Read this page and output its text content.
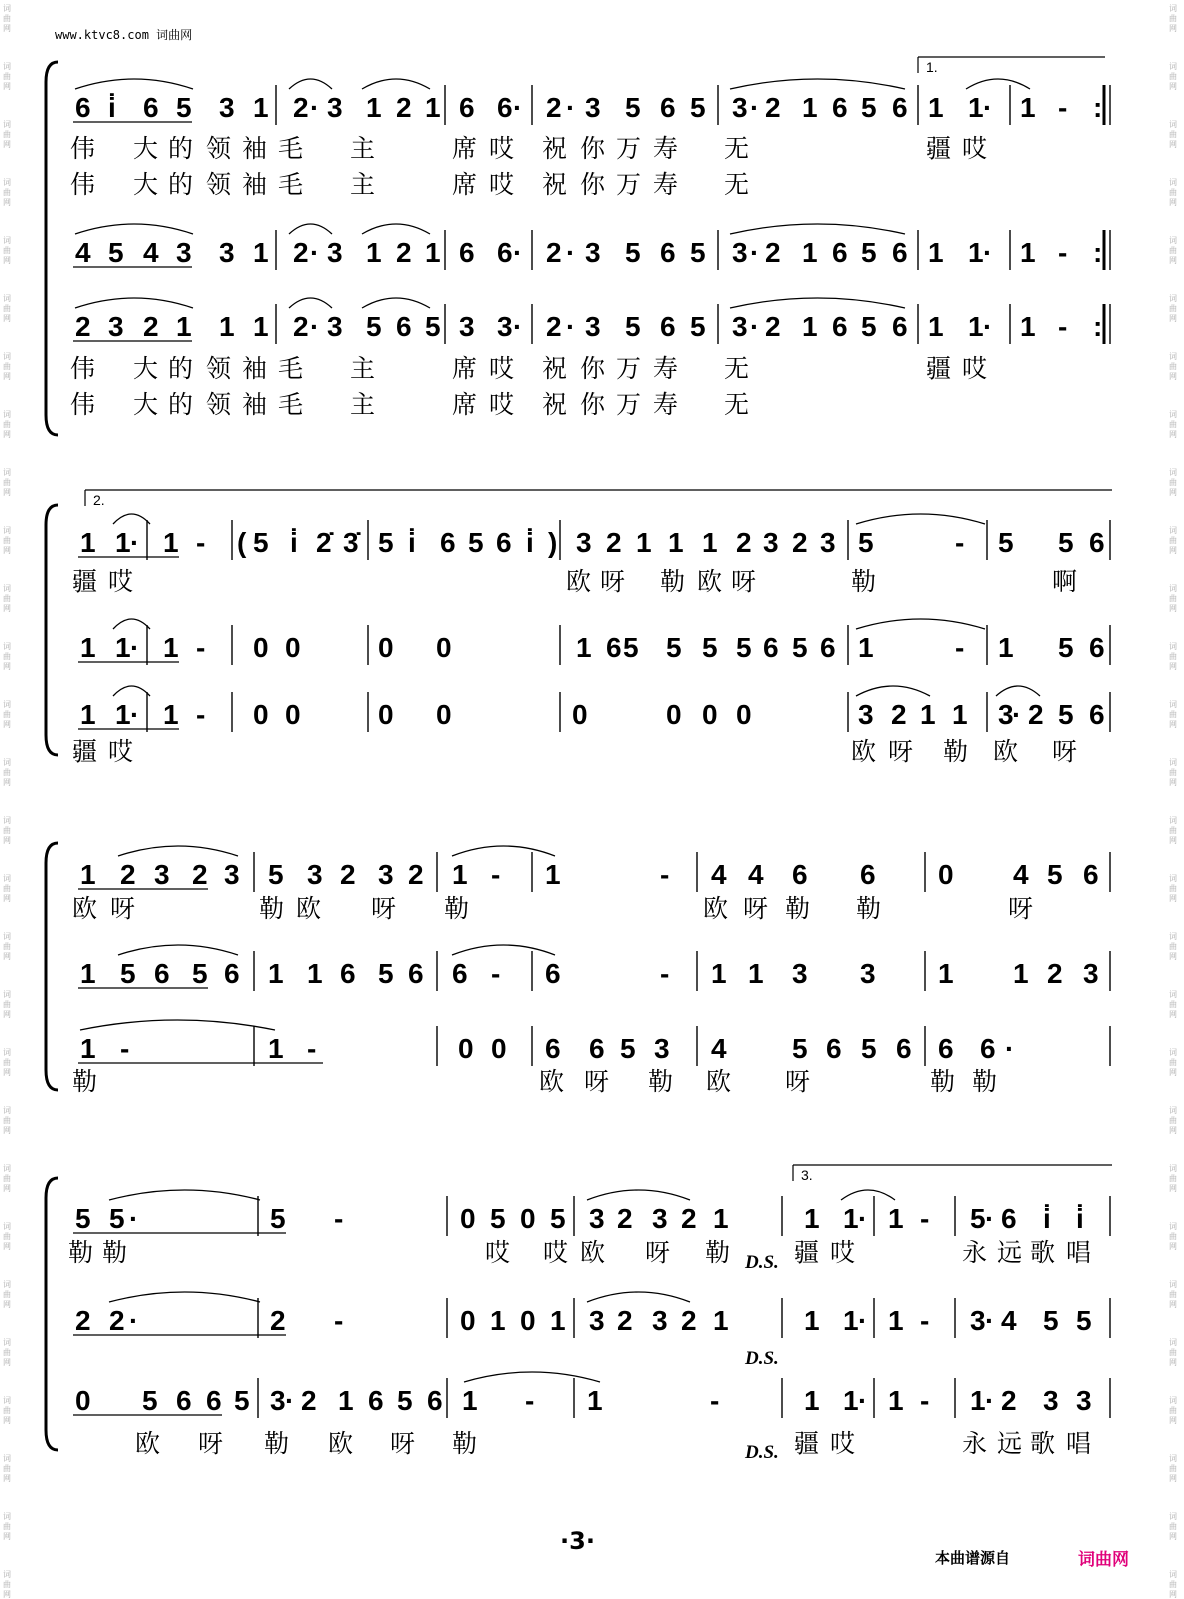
词
曲
网
词
曲
网
词
曲
网
词
曲
网
词
曲
网
词
曲
网
词
曲
网
词
曲
网
词
曲
网
词
曲
网
词
曲
网
词
曲
网
词
曲
网
词
曲
网
词
曲
网
词
曲
网
词
曲
网
词
曲
网
词
曲
网
词
曲
网
词
曲
网
词
曲
网
词
曲
网
词
曲
网
词
曲
网
词
曲
网
词
曲
网
词
曲
网
词
曲
网
词
曲
网
词
曲
网
词
曲
网
词
曲
网
词
曲
网
词
曲
网
词
曲
网
词
曲
网
词
曲
网
词
曲
网
词
曲
网
词
曲
网
词
曲
网
词
曲
网
词
曲
网
词
曲
网
词
曲
网
词
曲
网
词
曲
网
词
曲
网
词
曲
网
词
曲
网
词
曲
网
词
曲
网
词
曲
网
词
曲
网
词
曲
网
www.ktvc8.com 词曲网
1.
6 i̇ 6 5 3 1 2 · 3 1 2 1 6 6 · 2 · 3 5 6 5 3 · 2 1 6 5 6 1 1 · 1 - :
伟 大 的 领 袖 毛 主	席 哎 祝 你 万 寿 无	疆 哎
伟 大 的 领 袖 毛 主	席 哎 祝 你 万 寿 无
4 5 4 3 3 1 2 · 3 1 2 1 6 6 · 2 · 3 5 6 5 3 · 2 1 6 5 6 1 1 · 1 - :
2 3 2 1 1 1 2 · 3 5 6 5 3 3 · 2 · 3 5 6 5 3 · 2 1 6 5 6 1 1 · 1 - :
伟 大 的 领 袖 毛 主	席 哎 祝 你 万 寿 无	疆 哎
伟 大 的 领 袖 毛 主	席 哎 祝 你 万 寿 无
2.
1 1 · 1 - ( 5 i̇ 2̇ 3̇ 5 i̇ 6 5 6 i̇ ) 3 2 1 1 1 2 3 2 3 5	- 5 5 6
疆 哎	欧 呀 勒 欧 呀	勒	啊
1 1 · 1 - 0 0	0 0	1 6 5 5 5 5 6 5 6 1	- 1 5 6
1 1 · 1 - 0 0	0 0	0	0 0 0	3 2 1 1 3
· 2 5 6
疆 哎	欧 呀 勒 欧 呀
1 2 3 2 3 5 3 2 3 2 1 - 1	- 4 4 6 6 0 4 5 6
欧 呀	勒 欧 呀 勒	欧 呀 勒 勒	呀
1 5 6 5 6 1 1 6 5 6 6 - 6	- 1 1 3 3 1 1 2 3
1 -	1 -	0 0 6 6 5 3 4 5 6 5 6 6 6 ·
勒	欧 呀 勒 欧 呀	勒 勒
3.
5 5 ·	5 -	0 5 0 5 3 2 3 2 1	1 1 · 1 - 5 · 6 i̇ i̇
勒 勒	哎 哎 欧 呀 勒	疆 哎	永 远 歌 唱
2 2 ·	2 -	0 1 0 1 3 2 3 2 1	1 1 · 1 - 3 · 4 5 5
0 5 6 6 5 3 · 2 1 6 5 6 1 - 1	-	1 1 · 1 - 1 · 2 3 3
欧 呀 勒 欧 呀 勒	疆 哎	永 远 歌 唱
D.S.
D.S.
D.S.
·3·
本曲谱源自	词曲网
